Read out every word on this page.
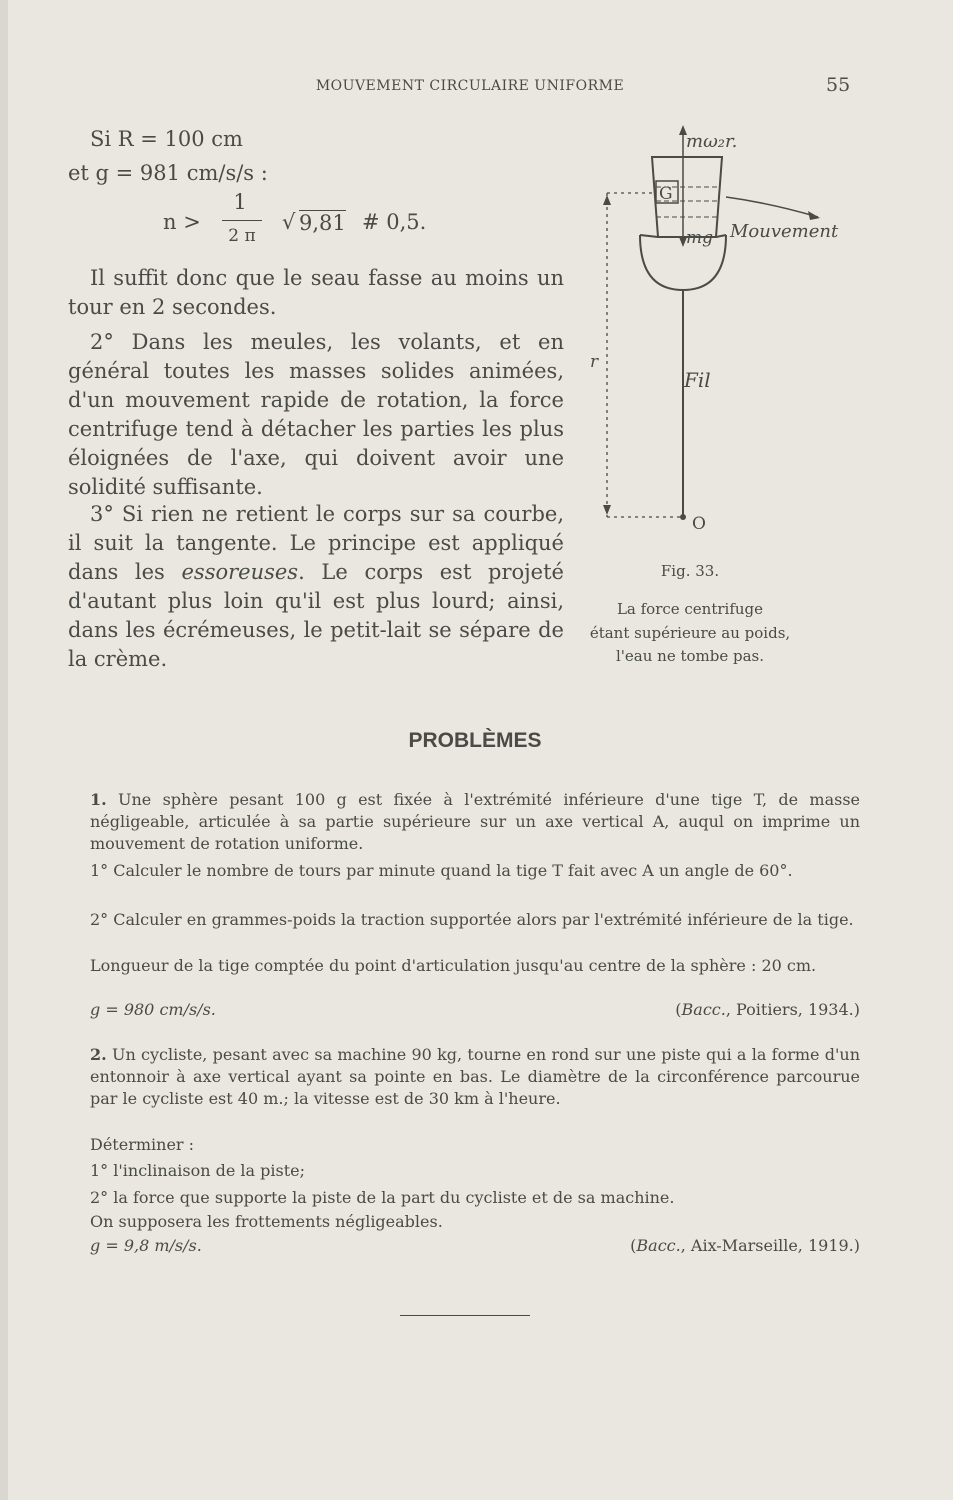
MOUVEMENT CIRCULAIRE UNIFORME	55
Si R = 100 cm
et g = 981 cm/s/s :
n >
1
2 π
√ 9,81 # 0,5.

Il suffit donc que le seau fasse au moins un tour en 2 secondes.

2° Dans les meules, les volants, et en général toutes les masses solides animées, d'un mouvement rapide de rotation, la force centrifuge tend à détacher les parties les plus éloignées de l'axe, qui doivent avoir une solidité suffisante.

3° Si rien ne retient le corps sur sa courbe, il suit la tangente. Le principe est appliqué dans les essoreuses. Le corps est projeté d'autant plus loin qu'il est plus lourd; ainsi, dans les écrémeuses, le petit-lait se sépare de la crème.

mω₂r.
G
mg Mouvement
r
Fil
O
Fig. 33.
La force centrifuge
étant supérieure au poids,
l'eau ne tombe pas.
PROBLÈMES

1. Une sphère pesant 100 g est fixée à l'extrémité inférieure d'une tige T, de masse négligeable, articulée à sa partie supérieure sur un axe vertical A, auqul on imprime un mouvement de rotation uniforme.

1° Calculer le nombre de tours par minute quand la tige T fait avec A un angle de 60°.

2° Calculer en grammes-poids la traction supportée alors par l'extrémité inférieure de la tige.

Longueur de la tige comptée du point d'articulation jusqu'au centre de la sphère : 20 cm.

g = 980 cm/s/s.	(Bacc., Poitiers, 1934.)

2. Un cycliste, pesant avec sa machine 90 kg, tourne en rond sur une piste qui a la forme d'un entonnoir à axe vertical ayant sa pointe en bas. Le diamètre de la circonférence parcourue par le cycliste est 40 m.; la vitesse est de 30 km à l'heure.

Déterminer :

1° l'inclinaison de la piste;

2° la force que supporte la piste de la part du cycliste et de sa machine.

On supposera les frottements négligeables.

g = 9,8 m/s/s.	(Bacc., Aix-Marseille, 1919.)
